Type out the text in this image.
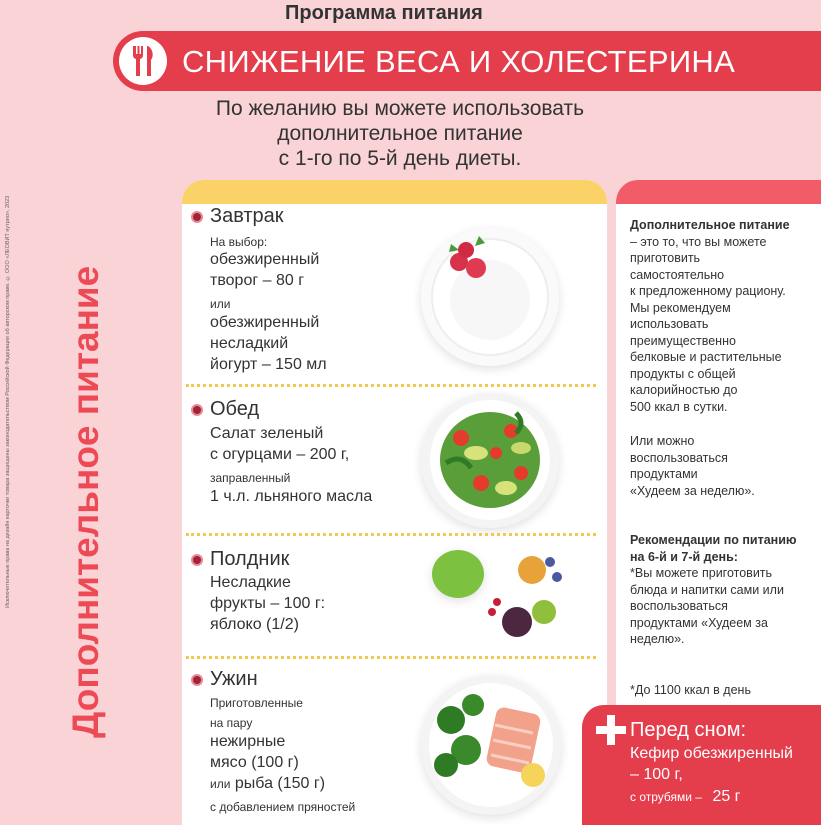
Исключительные права на дизайн карточки товара защищены законодательством Российской Федерации об авторском праве. © ООО «ЛЕОВИТ нутрио», 2023 Дополнительное питание
Программа питания
СНИЖЕНИЕ ВЕСА И ХОЛЕСТЕРИНА
По желанию вы можете использовать
дополнительное питание
с 1-го по 5-й день диеты.
Завтрак
На выбор:
обезжиренный
творог – 80 г
или
обезжиренный
несладкий
йогурт – 150 мл
Обед
Салат зеленый
с огурцами – 200 г,
заправленный
1 ч.л. льняного масла
Полдник
Несладкие
фрукты – 100 г:
яблоко (1/2)
Ужин
Приготовленные
на пару
нежирные
мясо (100 г)
или рыба (150 г)
с добавлением пряностей
Дополнительное питание
– это то, что вы можете
приготовить
самостоятельно
к предложенному рациону.
Мы рекомендуем
использовать
преимущественно
белковые и растительные
продукты с общей
калорийностью до
500 ккал в сутки.
Или можно
воспользоваться
продуктами
«Худеем за неделю».
Рекомендации по питанию
на 6-й и 7-й день:
*Вы можете приготовить
блюда и напитки сами или
воспользоваться
продуктами «Худеем за
неделю».
*До 1100 ккал в день
Перед сном:
Кефир обезжиренный
– 100 г,
с отрубями – 25 г
